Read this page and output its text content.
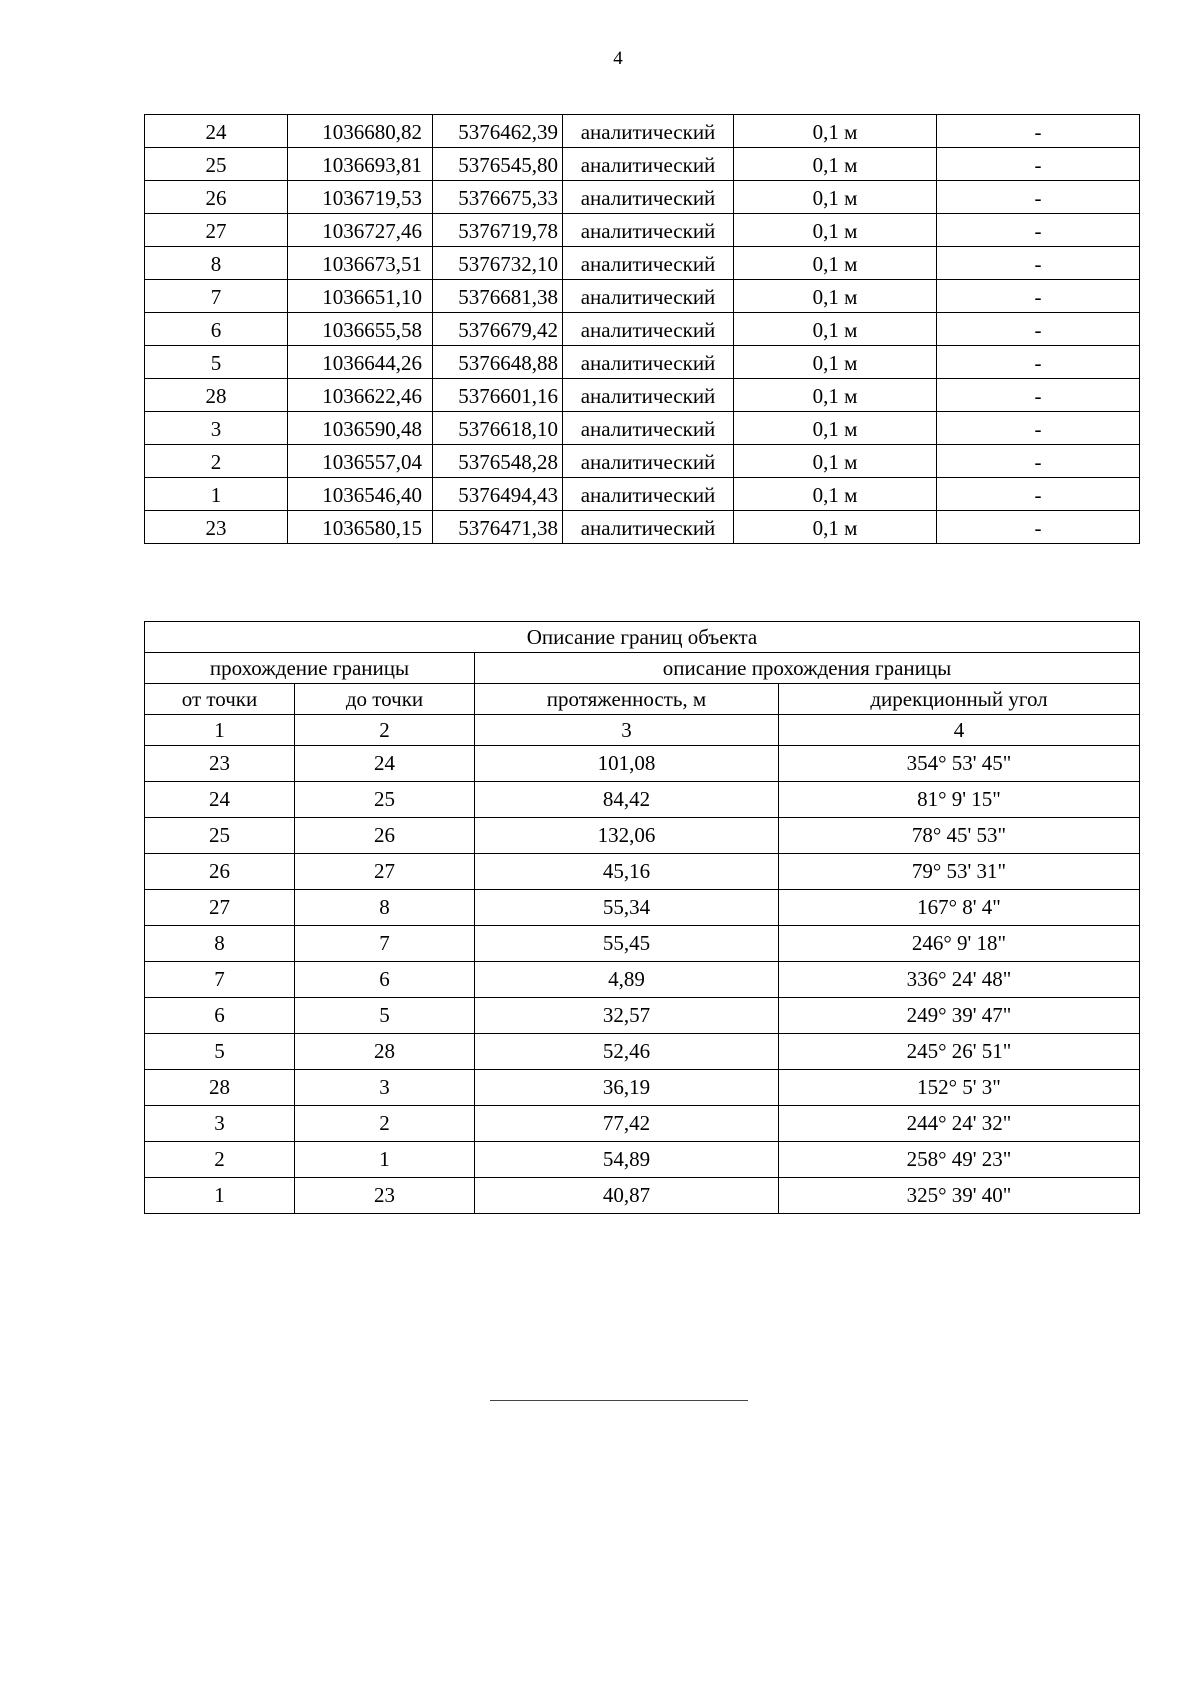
4
24	1036680,82	5376462,39	аналитический	0,1 м	-
25	1036693,81	5376545,80	аналитический	0,1 м	-
26	1036719,53	5376675,33	аналитический	0,1 м	-
27	1036727,46	5376719,78	аналитический	0,1 м	-
8	1036673,51	5376732,10	аналитический	0,1 м	-
7	1036651,10	5376681,38	аналитический	0,1 м	-
6	1036655,58	5376679,42	аналитический	0,1 м	-
5	1036644,26	5376648,88	аналитический	0,1 м	-
28	1036622,46	5376601,16	аналитический	0,1 м	-
3	1036590,48	5376618,10	аналитический	0,1 м	-
2	1036557,04	5376548,28	аналитический	0,1 м	-
1	1036546,40	5376494,43	аналитический	0,1 м	-
23	1036580,15	5376471,38	аналитический	0,1 м	-
Описание границ объекта			
прохождение границы		описание прохождения границы	
от точки	до точки	протяженность, м	дирекционный угол
1	2	3	4
23	24	101,08	354° 53' 45"
24	25	84,42	81° 9' 15"
25	26	132,06	78° 45' 53"
26	27	45,16	79° 53' 31"
27	8	55,34	167° 8' 4"
8	7	55,45	246° 9' 18"
7	6	4,89	336° 24' 48"
6	5	32,57	249° 39' 47"
5	28	52,46	245° 26' 51"
28	3	36,19	152° 5' 3"
3	2	77,42	244° 24' 32"
2	1	54,89	258° 49' 23"
1	23	40,87	325° 39' 40"
